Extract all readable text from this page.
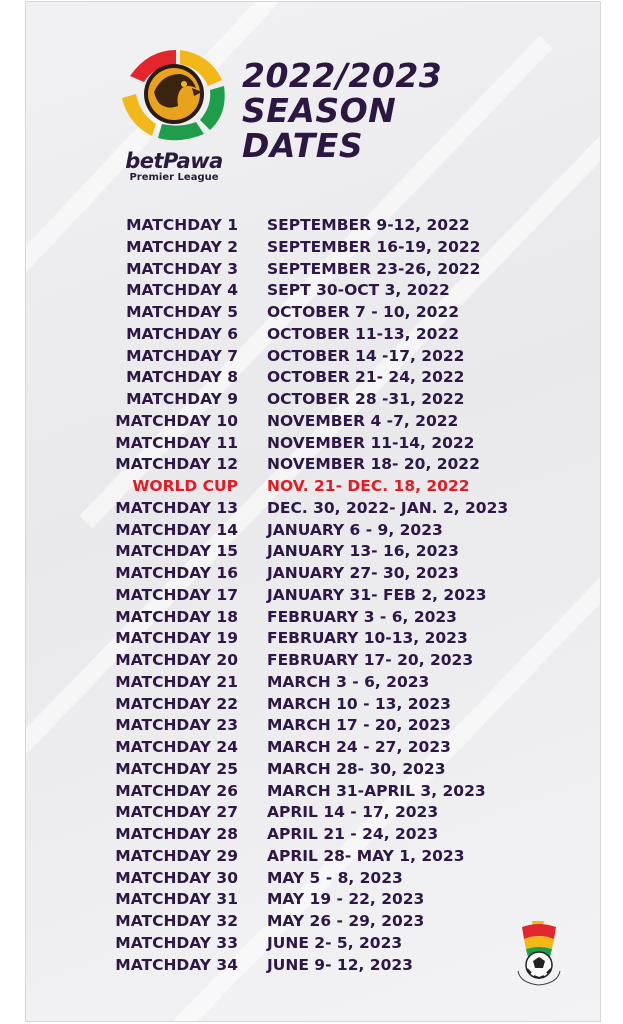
betPawa
Premier League
2022/2023
SEASON
DATES
MATCHDAY 1 SEPTEMBER 9-12, 2022
MATCHDAY 2 SEPTEMBER 16-19, 2022
MATCHDAY 3 SEPTEMBER 23-26, 2022
MATCHDAY 4 SEPT 30-OCT 3, 2022
MATCHDAY 5 OCTOBER 7 - 10, 2022
MATCHDAY 6 OCTOBER 11-13, 2022
MATCHDAY 7 OCTOBER 14 -17, 2022
MATCHDAY 8 OCTOBER 21- 24, 2022
MATCHDAY 9 OCTOBER 28 -31, 2022
MATCHDAY 10 NOVEMBER 4 -7, 2022
MATCHDAY 11 NOVEMBER 11-14, 2022
MATCHDAY 12 NOVEMBER 18- 20, 2022
WORLD CUP NOV. 21- DEC. 18, 2022
MATCHDAY 13 DEC. 30, 2022- JAN. 2, 2023
MATCHDAY 14 JANUARY 6 - 9, 2023
MATCHDAY 15 JANUARY 13- 16, 2023
MATCHDAY 16 JANUARY 27- 30, 2023
MATCHDAY 17 JANUARY 31- FEB 2, 2023
MATCHDAY 18 FEBRUARY 3 - 6, 2023
MATCHDAY 19 FEBRUARY 10-13, 2023
MATCHDAY 20 FEBRUARY 17- 20, 2023
MATCHDAY 21 MARCH 3 - 6, 2023
MATCHDAY 22 MARCH 10 - 13, 2023
MATCHDAY 23 MARCH 17 - 20, 2023
MATCHDAY 24 MARCH 24 - 27, 2023
MATCHDAY 25 MARCH 28- 30, 2023
MATCHDAY 26 MARCH 31-APRIL 3, 2023
MATCHDAY 27 APRIL 14 - 17, 2023
MATCHDAY 28 APRIL 21 - 24, 2023
MATCHDAY 29 APRIL 28- MAY 1, 2023
MATCHDAY 30 MAY 5 - 8, 2023
MATCHDAY 31 MAY 19 - 22, 2023
MATCHDAY 32 MAY 26 - 29, 2023
MATCHDAY 33 JUNE 2- 5, 2023
MATCHDAY 34 JUNE 9- 12, 2023
